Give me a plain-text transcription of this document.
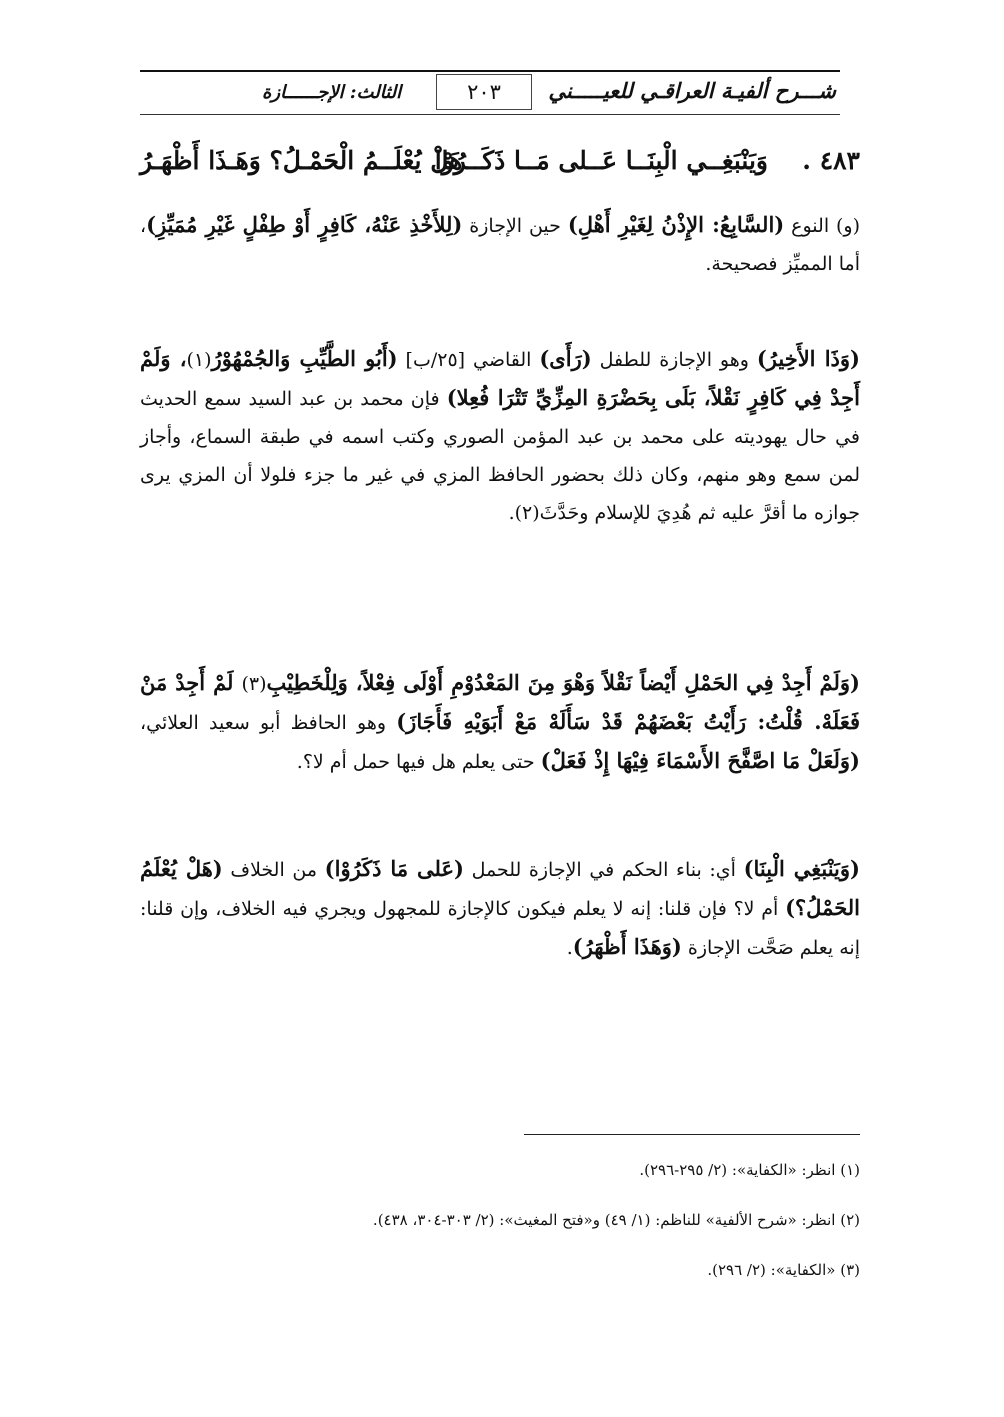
شـــرح ألفيـة العراقـي للعيـــــني
٢٠٣
الثالث: الإجــــــازة
٤٨٣ .
وَيَنْبَغِــي الْبِنَــا عَــلى مَــا ذَكَــرُوْا
هَلْ يُعْلَــمُ الْحَمْـلُ؟ وَهَـذَا أَظْهَـرُ

(و) النوع (السَّابِعُ: الإِذْنُ لِغَيْرِ أَهْلِ) حين الإجازة (لِلأَخْذِ عَنْهُ، كَافِرٍ أَوْ طِفْلٍ غَيْرِ مُمَيِّزِ)، أما المميِّز فصحيحة.

(وَذَا الأَخِيرُ) وهو الإجازة للطفل (رَأَى) القاضي [٢٥/ب] (أَبُو الطَّيِّبِ وَالجُمْهُوْرُ(١)، وَلَمْ أَجِدْ فِي كَافِرٍ نَقْلاً، بَلَى بِحَضْرَةِ المِزِّيِّ تَتْرَا فُعِلا) فإن محمد بن عبد السيد سمع الحديث في حال يهوديته على محمد بن عبد المؤمن الصوري وكتب اسمه في طبقة السماع، وأجاز لمن سمع وهو منهم، وكان ذلك بحضور الحافظ المزي في غير ما جزء فلولا أن المزي يرى جوازه ما أقرَّ عليه ثم هُدِيَ للإسلام وحَدَّثَ(٢).

(وَلَمْ أَجِدْ فِي الحَمْلِ أَيْضاً نَقْلاً وَهْوَ مِنَ المَعْدُوْمِ أَوْلَى فِعْلاً، وَلِلْخَطِيْبِ(٣) لَمْ أَجِدْ مَنْ فَعَلَهْ. قُلْتُ: رَأَيْتُ بَعْضَهُمْ قَدْ سَأَلَهْ مَعْ أَبَوَيْهِ فَأَجَازَ) وهو الحافظ أبو سعيد العلائي، (وَلَعَلْ مَا اصَّفَّحَ الأَسْمَاءَ فِيْهَا إِذْ فَعَلْ) حتى يعلم هل فيها حمل أم لا؟.

(وَيَنْبَغِي الْبِنَا) أي: بناء الحكم في الإجازة للحمل (عَلى مَا ذَكَرُوْا) من الخلاف (هَلْ يُعْلَمُ الحَمْلُ؟) أم لا؟ فإن قلنا: إنه لا يعلم فيكون كالإجازة للمجهول ويجري فيه الخلاف، وإن قلنا: إنه يعلم صَحَّت الإجازة (وَهَذَا أَظْهَرُ).

(١) انظر: «الكفاية»: (٢/ ٢٩٥-٢٩٦).
(٢) انظر: «شرح الألفية» للناظم: (١/ ٤٩) و«فتح المغيث»: (٢/ ٣٠٣-٣٠٤، ٤٣٨).
(٣) «الكفاية»: (٢/ ٢٩٦).
